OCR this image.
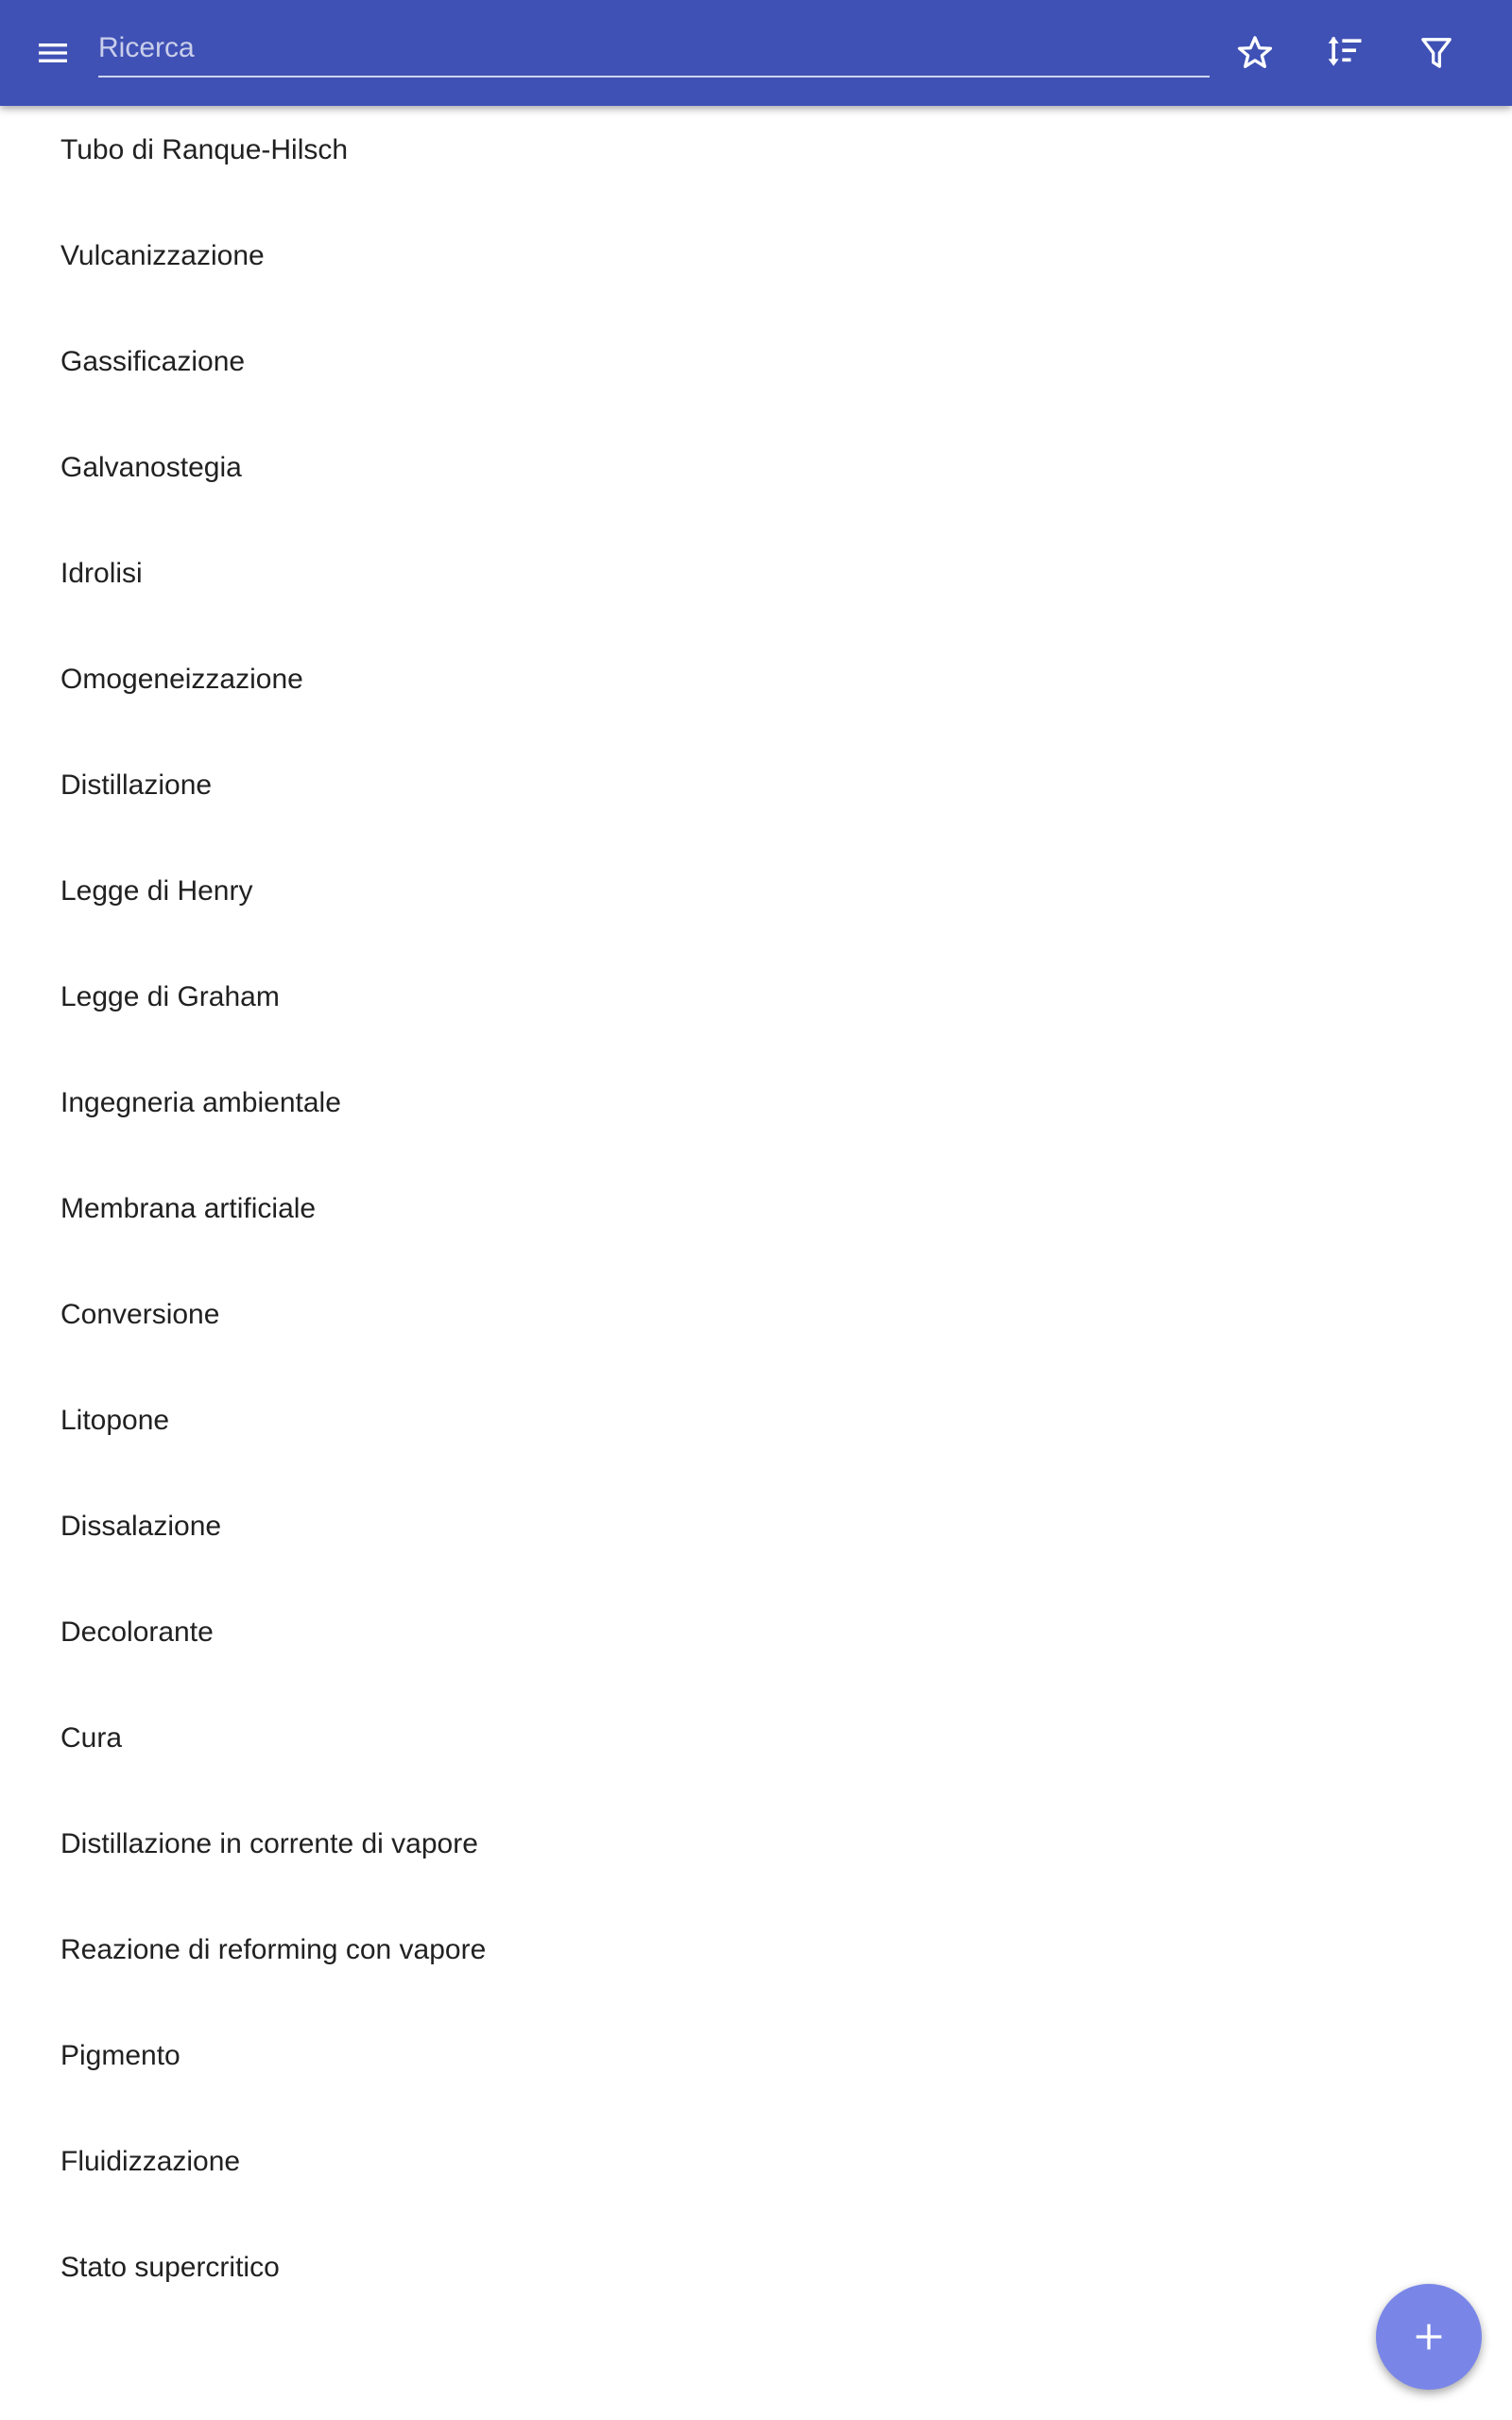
Ricerca
Tubo di Ranque-Hilsch
Vulcanizzazione
Gassificazione
Galvanostegia
Idrolisi
Omogeneizzazione
Distillazione
Legge di Henry
Legge di Graham
Ingegneria ambientale
Membrana artificiale
Conversione
Litopone
Dissalazione
Decolorante
Cura
Distillazione in corrente di vapore
Reazione di reforming con vapore
Pigmento
Fluidizzazione
Stato supercritico
